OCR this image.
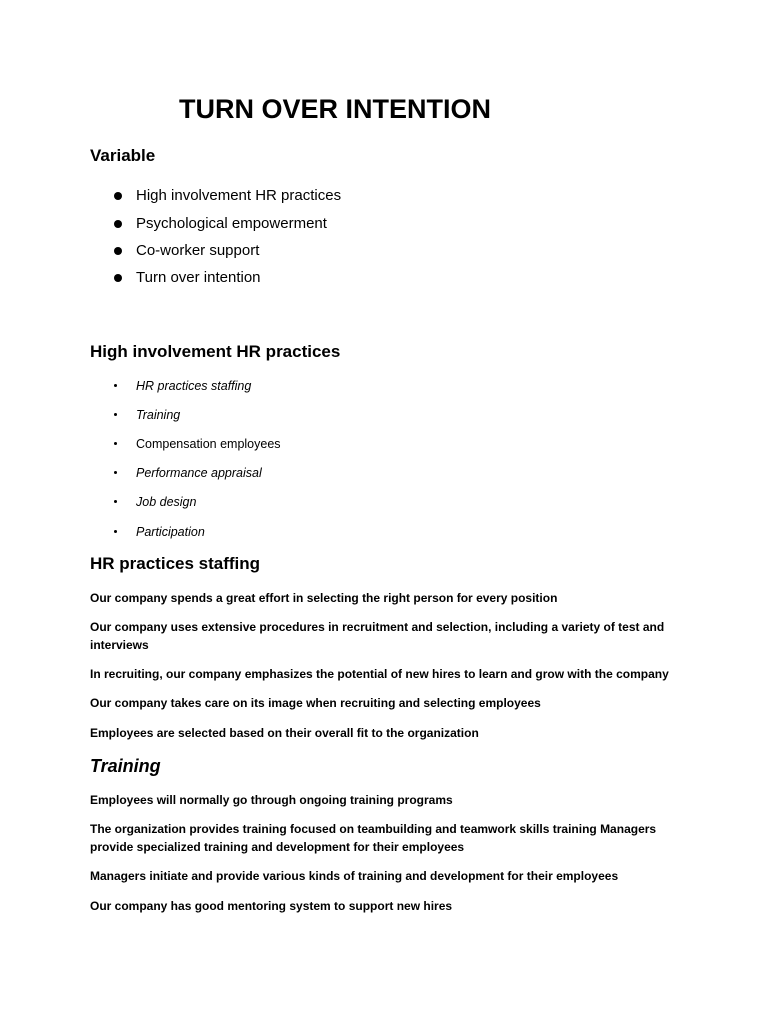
TURN OVER INTENTION
Variable
High involvement HR practices
Psychological empowerment
Co-worker support
Turn over intention
High involvement HR practices
HR practices staffing
Training
Compensation employees
Performance appraisal
Job design
Participation
HR practices staffing
Our company spends a great effort in selecting the right person for every position
Our company uses extensive procedures in recruitment and selection, including a variety of test and interviews
In recruiting, our company emphasizes the potential of new hires to learn and grow with the company
Our company takes care on its image when recruiting and selecting employees
Employees are selected based on their overall fit to the organization
Training
Employees will normally go through ongoing training programs
The organization provides training focused on teambuilding and teamwork skills training Managers provide specialized training and development for their employees
Managers initiate and provide various kinds of training and development for their employees
Our company has good mentoring system to support new hires
